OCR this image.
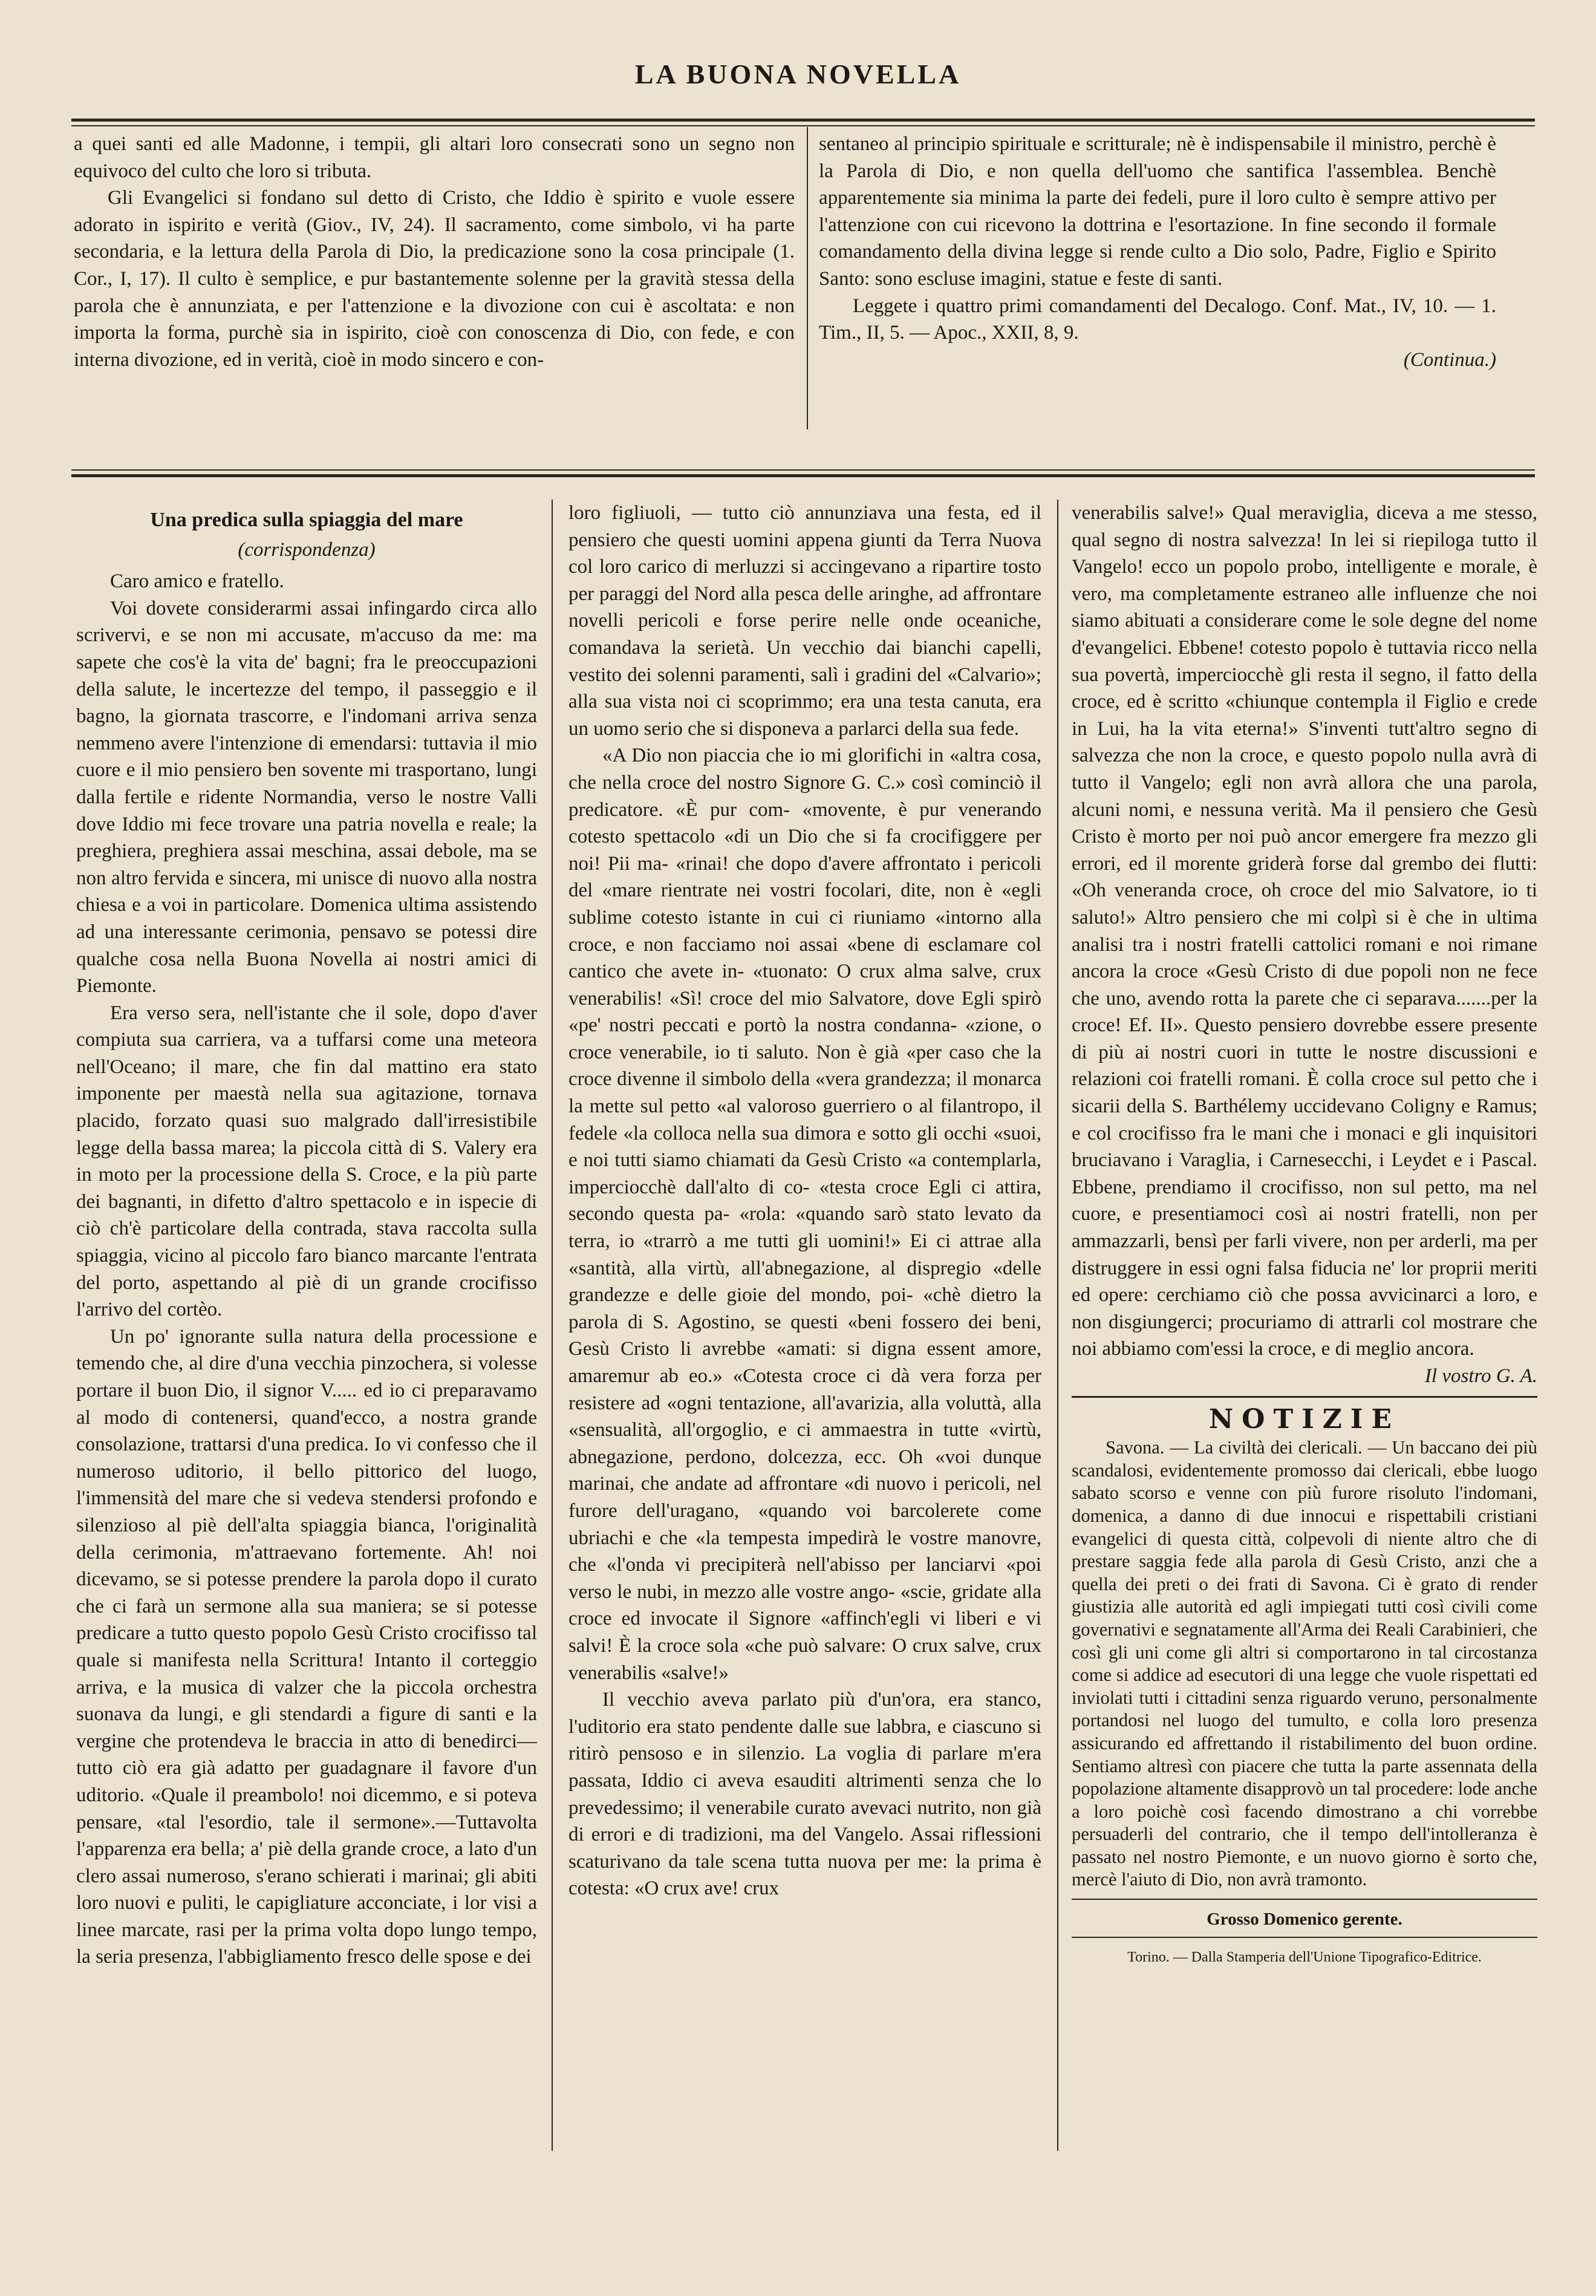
LA BUONA NOVELLA

a quei santi ed alle Madonne, i tempii, gli altari loro consecrati sono un segno non equivoco del culto che loro si tributa.

Gli Evangelici si fondano sul detto di Cristo, che Iddio è spirito e vuole essere adorato in ispirito e verità (Giov., IV, 24). Il sacramento, come simbolo, vi ha parte secondaria, e la lettura della Parola di Dio, la predicazione sono la cosa principale (1. Cor., I, 17). Il culto è semplice, e pur bastantemente solenne per la gravità stessa della parola che è annunziata, e per l'attenzione e la divozione con cui è ascoltata: e non importa la forma, purchè sia in ispirito, cioè con conoscenza di Dio, con fede, e con interna divozione, ed in verità, cioè in modo sincero e con-

sentaneo al principio spirituale e scritturale; nè è indispensabile il ministro, perchè è la Parola di Dio, e non quella dell'uomo che santifica l'assemblea. Benchè apparentemente sia minima la parte dei fedeli, pure il loro culto è sempre attivo per l'attenzione con cui ricevono la dottrina e l'esortazione. In fine secondo il formale comandamento della divina legge si rende culto a Dio solo, Padre, Figlio e Spirito Santo: sono escluse imagini, statue e feste di santi.

Leggete i quattro primi comandamenti del Decalogo. Conf. Mat., IV, 10. — 1. Tim., II, 5. — Apoc., XXII, 8, 9.

(Continua.)

Una predica sulla spiaggia del mare
(corrispondenza)

Caro amico e fratello.

Voi dovete considerarmi assai infingardo circa allo scrivervi, e se non mi accusate, m'accuso da me: ma sapete che cos'è la vita de' bagni; fra le preoccupazioni della salute, le incertezze del tempo, il passeggio e il bagno, la giornata trascorre, e l'indomani arriva senza nemmeno avere l'intenzione di emendarsi: tuttavia il mio cuore e il mio pensiero ben sovente mi trasportano, lungi dalla fertile e ridente Normandia, verso le nostre Valli dove Iddio mi fece trovare una patria novella e reale; la preghiera, preghiera assai meschina, assai debole, ma se non altro fervida e sincera, mi unisce di nuovo alla nostra chiesa e a voi in particolare. Domenica ultima assistendo ad una interessante cerimonia, pensavo se potessi dire qualche cosa nella Buona Novella ai nostri amici di Piemonte.

Era verso sera, nell'istante che il sole, dopo d'aver compiuta sua carriera, va a tuffarsi come una meteora nell'Oceano; il mare, che fin dal mattino era stato imponente per maestà nella sua agitazione, tornava placido, forzato quasi suo malgrado dall'irresistibile legge della bassa marea; la piccola città di S. Valery era in moto per la processione della S. Croce, e la più parte dei bagnanti, in difetto d'altro spettacolo e in ispecie di ciò ch'è particolare della contrada, stava raccolta sulla spiaggia, vicino al piccolo faro bianco marcante l'entrata del porto, aspettando al piè di un grande crocifisso l'arrivo del cortèo.

Un po' ignorante sulla natura della processione e temendo che, al dire d'una vecchia pinzochera, si volesse portare il buon Dio, il signor V..... ed io ci preparavamo al modo di contenersi, quand'ecco, a nostra grande consolazione, trattarsi d'una predica. Io vi confesso che il numeroso uditorio, il bello pittorico del luogo, l'immensità del mare che si vedeva stendersi profondo e silenzioso al piè dell'alta spiaggia bianca, l'originalità della cerimonia, m'attraevano fortemente. Ah! noi dicevamo, se si potesse prendere la parola dopo il curato che ci farà un sermone alla sua maniera; se si potesse predicare a tutto questo popolo Gesù Cristo crocifisso tal quale si manifesta nella Scrittura! Intanto il corteggio arriva, e la musica di valzer che la piccola orchestra suonava da lungi, e gli stendardi a figure di santi e la vergine che protendeva le braccia in atto di benedirci—tutto ciò era già adatto per guadagnare il favore d'un uditorio. «Quale il preambolo! noi dicemmo, e si poteva pensare, «tal l'esordio, tale il sermone».—Tuttavolta l'apparenza era bella; a' piè della grande croce, a lato d'un clero assai numeroso, s'erano schierati i marinai; gli abiti loro nuovi e puliti, le capigliature acconciate, i lor visi a linee marcate, rasi per la prima volta dopo lungo tempo, la seria presenza, l'abbigliamento fresco delle spose e dei

loro figliuoli, — tutto ciò annunziava una festa, ed il pensiero che questi uomini appena giunti da Terra Nuova col loro carico di merluzzi si accingevano a ripartire tosto per paraggi del Nord alla pesca delle aringhe, ad affrontare novelli pericoli e forse perire nelle onde oceaniche, comandava la serietà. Un vecchio dai bianchi capelli, vestito dei solenni paramenti, salì i gradini del «Calvario»; alla sua vista noi ci scoprimmo; era una testa canuta, era un uomo serio che si disponeva a parlarci della sua fede.

«A Dio non piaccia che io mi glorifichi in «altra cosa, che nella croce del nostro Signore G. C.» così cominciò il predicatore. «È pur com- «movente, è pur venerando cotesto spettacolo «di un Dio che si fa crocifiggere per noi! Pii ma- «rinai! che dopo d'avere affrontato i pericoli del «mare rientrate nei vostri focolari, dite, non è «egli sublime cotesto istante in cui ci riuniamo «intorno alla croce, e non facciamo noi assai «bene di esclamare col cantico che avete in- «tuonato: O crux alma salve, crux venerabilis! «Sì! croce del mio Salvatore, dove Egli spirò «pe' nostri peccati e portò la nostra condanna- «zione, o croce venerabile, io ti saluto. Non è già «per caso che la croce divenne il simbolo della «vera grandezza; il monarca la mette sul petto «al valoroso guerriero o al filantropo, il fedele «la colloca nella sua dimora e sotto gli occhi «suoi, e noi tutti siamo chiamati da Gesù Cristo «a contemplarla, imperciocchè dall'alto di co- «testa croce Egli ci attira, secondo questa pa- «rola: «quando sarò stato levato da terra, io «trarrò a me tutti gli uomini!» Ei ci attrae alla «santità, alla virtù, all'abnegazione, al dispregio «delle grandezze e delle gioie del mondo, poi- «chè dietro la parola di S. Agostino, se questi «beni fossero dei beni, Gesù Cristo li avrebbe «amati: si digna essent amore, amaremur ab eo.» «Cotesta croce ci dà vera forza per resistere ad «ogni tentazione, all'avarizia, alla voluttà, alla «sensualità, all'orgoglio, e ci ammaestra in tutte «virtù, abnegazione, perdono, dolcezza, ecc. Oh «voi dunque marinai, che andate ad affrontare «di nuovo i pericoli, nel furore dell'uragano, «quando voi barcolerete come ubriachi e che «la tempesta impedirà le vostre manovre, che «l'onda vi precipiterà nell'abisso per lanciarvi «poi verso le nubi, in mezzo alle vostre ango- «scie, gridate alla croce ed invocate il Signore «affinch'egli vi liberi e vi salvi! È la croce sola «che può salvare: O crux salve, crux venerabilis «salve!»

Il vecchio aveva parlato più d'un'ora, era stanco, l'uditorio era stato pendente dalle sue labbra, e ciascuno si ritirò pensoso e in silenzio. La voglia di parlare m'era passata, Iddio ci aveva esauditi altrimenti senza che lo prevedessimo; il venerabile curato avevaci nutrito, non già di errori e di tradizioni, ma del Vangelo. Assai riflessioni scaturivano da tale scena tutta nuova per me: la prima è cotesta: «O crux ave! crux

venerabilis salve!» Qual meraviglia, diceva a me stesso, qual segno di nostra salvezza! In lei si riepiloga tutto il Vangelo! ecco un popolo probo, intelligente e morale, è vero, ma completamente estraneo alle influenze che noi siamo abituati a considerare come le sole degne del nome d'evangelici. Ebbene! cotesto popolo è tuttavia ricco nella sua povertà, imperciocchè gli resta il segno, il fatto della croce, ed è scritto «chiunque contempla il Figlio e crede in Lui, ha la vita eterna!» S'inventi tutt'altro segno di salvezza che non la croce, e questo popolo nulla avrà di tutto il Vangelo; egli non avrà allora che una parola, alcuni nomi, e nessuna verità. Ma il pensiero che Gesù Cristo è morto per noi può ancor emergere fra mezzo gli errori, ed il morente griderà forse dal grembo dei flutti: «Oh veneranda croce, oh croce del mio Salvatore, io ti saluto!» Altro pensiero che mi colpì si è che in ultima analisi tra i nostri fratelli cattolici romani e noi rimane ancora la croce «Gesù Cristo di due popoli non ne fece che uno, avendo rotta la parete che ci separava.......per la croce! Ef. II». Questo pensiero dovrebbe essere presente di più ai nostri cuori in tutte le nostre discussioni e relazioni coi fratelli romani. È colla croce sul petto che i sicarii della S. Barthélemy uccidevano Coligny e Ramus; e col crocifisso fra le mani che i monaci e gli inquisitori bruciavano i Varaglia, i Carnesecchi, i Leydet e i Pascal. Ebbene, prendiamo il crocifisso, non sul petto, ma nel cuore, e presentiamoci così ai nostri fratelli, non per ammazzarli, bensì per farli vivere, non per arderli, ma per distruggere in essi ogni falsa fiducia ne' lor proprii meriti ed opere: cerchiamo ciò che possa avvicinarci a loro, e non disgiungerci; procuriamo di attrarli col mostrare che noi abbiamo com'essi la croce, e di meglio ancora.

Il vostro G. A.

NOTIZIE

Savona. — La civiltà dei clericali. — Un baccano dei più scandalosi, evidentemente promosso dai clericali, ebbe luogo sabato scorso e venne con più furore risoluto l'indomani, domenica, a danno di due innocui e rispettabili cristiani evangelici di questa città, colpevoli di niente altro che di prestare saggia fede alla parola di Gesù Cristo, anzi che a quella dei preti o dei frati di Savona. Ci è grato di render giustizia alle autorità ed agli impiegati tutti così civili come governativi e segnatamente all'Arma dei Reali Carabinieri, che così gli uni come gli altri si comportarono in tal circostanza come si addice ad esecutori di una legge che vuole rispettati ed inviolati tutti i cittadini senza riguardo veruno, personalmente portandosi nel luogo del tumulto, e colla loro presenza assicurando ed affrettando il ristabilimento del buon ordine. Sentiamo altresì con piacere che tutta la parte assennata della popolazione altamente disapprovò un tal procedere: lode anche a loro poichè così facendo dimostrano a chi vorrebbe persuaderli del contrario, che il tempo dell'intolleranza è passato nel nostro Piemonte, e un nuovo giorno è sorto che, mercè l'aiuto di Dio, non avrà tramonto.

Grosso Domenico gerente.
Torino. — Dalla Stamperia dell'Unione Tipografico-Editrice.
